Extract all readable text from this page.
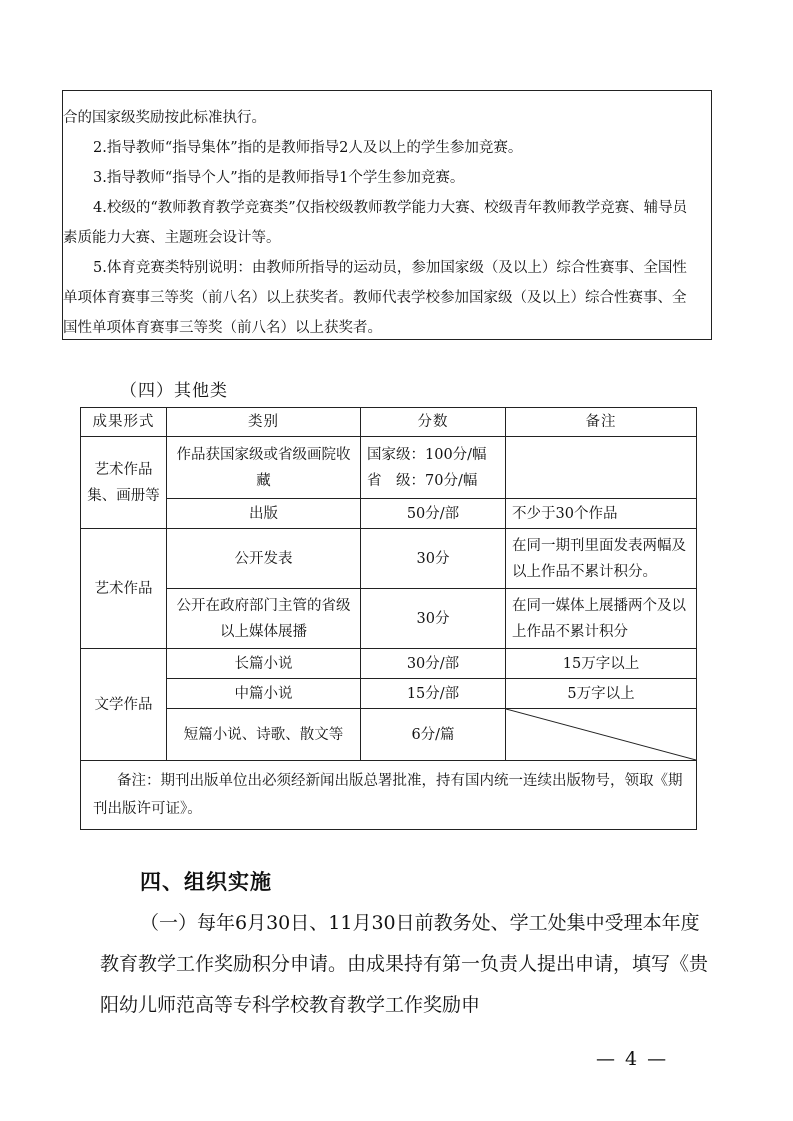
合的国家级奖励按此标准执行。

2.指导教师“指导集体”指的是教师指导2人及以上的学生参加竞赛。

3.指导教师“指导个人”指的是教师指导1个学生参加竞赛。

4.校级的“教师教育教学竞赛类”仅指校级教师教学能力大赛、校级青年教师教学竞赛、辅导员素质能力大赛、主题班会设计等。

5.体育竞赛类特别说明：由教师所指导的运动员，参加国家级（及以上）综合性赛事、全国性单项体育赛事三等奖（前八名）以上获奖者。教师代表学校参加国家级（及以上）综合性赛事、全国性单项体育赛事三等奖（前八名）以上获奖者。

（四）其他类
成果形式	类别	分数	备注
艺术作品集、画册等	作品获国家级或省级画院收藏	国家级：100分/幅
省　级：70分/幅	

	出版	50分/部	不少于30个作品
艺术作品	公开发表	30分	在同一期刊里面发表两幅及以上作品不累计积分。
	公开在政府部门主管的省级以上媒体展播	30分	在同一媒体上展播两个及以上作品不累计积分
文学作品	长篇小说	30分/部	15万字以上
	中篇小说	15分/部	5万字以上
	短篇小说、诗歌、散文等	6分/篇	

备注：期刊出版单位出必须经新闻出版总署批准，持有国内统一连续出版物号，领取《期刊出版许可证》。			
四、组织实施

（一）每年6月30日、11月30日前教务处、学工处集中受理本年度教育教学工作奖励积分申请。由成果持有第一负责人提出申请，填写《贵阳幼儿师范高等专科学校教育教学工作奖励申

— 4 —
